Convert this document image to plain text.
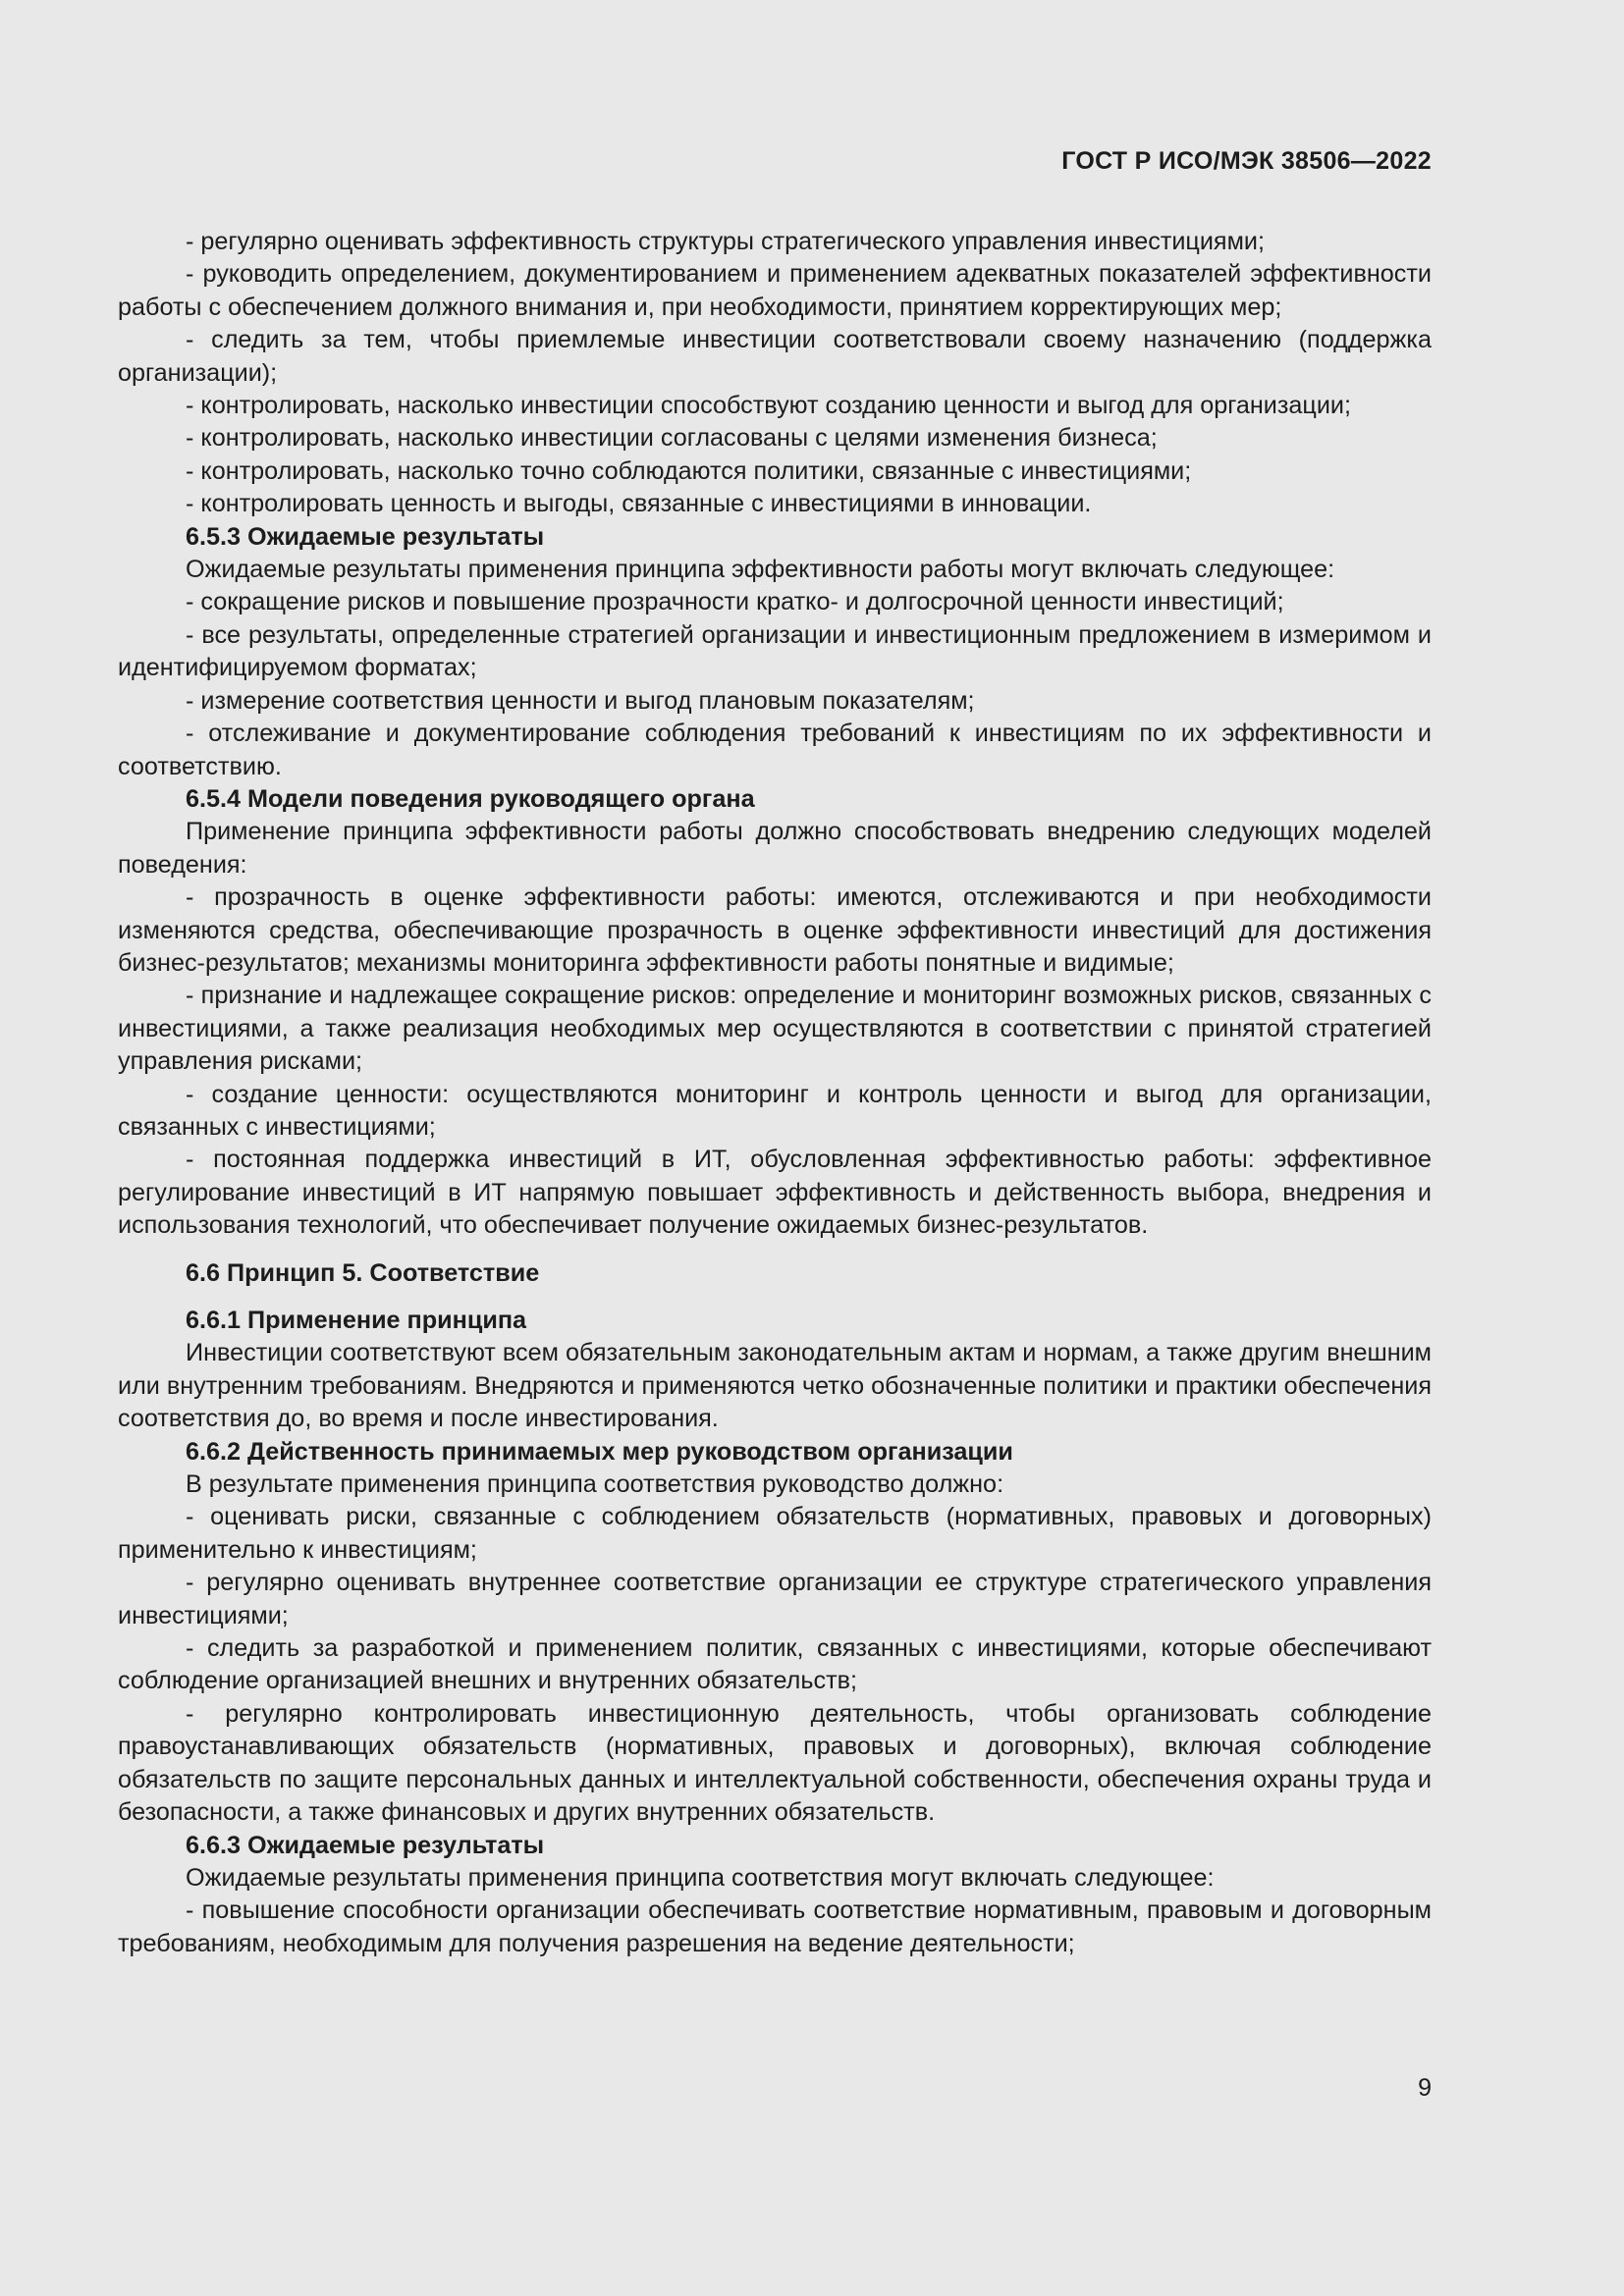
ГОСТ Р ИСО/МЭК 38506—2022

- регулярно оценивать эффективность структуры стратегического управления инвестициями;

- руководить определением, документированием и применением адекватных показателей эффективности работы с обеспечением должного внимания и, при необходимости, принятием корректирующих мер;

- следить за тем, чтобы приемлемые инвестиции соответствовали своему назначению (поддержка организации);

- контролировать, насколько инвестиции способствуют созданию ценности и выгод для организации;

- контролировать, насколько инвестиции согласованы с целями изменения бизнеса;

- контролировать, насколько точно соблюдаются политики, связанные с инвестициями;

- контролировать ценность и выгоды, связанные с инвестициями в инновации.

6.5.3 Ожидаемые результаты

Ожидаемые результаты применения принципа эффективности работы могут включать следующее:

- сокращение рисков и повышение прозрачности кратко- и долгосрочной ценности инвестиций;

- все результаты, определенные стратегией организации и инвестиционным предложением в измеримом и идентифицируемом форматах;

- измерение соответствия ценности и выгод плановым показателям;

- отслеживание и документирование соблюдения требований к инвестициям по их эффективности и соответствию.

6.5.4 Модели поведения руководящего органа

Применение принципа эффективности работы должно способствовать внедрению следующих моделей поведения:

- прозрачность в оценке эффективности работы: имеются, отслеживаются и при необходимости изменяются средства, обеспечивающие прозрачность в оценке эффективности инвестиций для достижения бизнес-результатов; механизмы мониторинга эффективности работы понятные и видимые;

- признание и надлежащее сокращение рисков: определение и мониторинг возможных рисков, связанных с инвестициями, а также реализация необходимых мер осуществляются в соответствии с принятой стратегией управления рисками;

- создание ценности: осуществляются мониторинг и контроль ценности и выгод для организации, связанных с инвестициями;

- постоянная поддержка инвестиций в ИТ, обусловленная эффективностью работы: эффективное регулирование инвестиций в ИТ напрямую повышает эффективность и действенность выбора, внедрения и использования технологий, что обеспечивает получение ожидаемых бизнес-результатов.

6.6 Принцип 5. Соответствие

6.6.1 Применение принципа

Инвестиции соответствуют всем обязательным законодательным актам и нормам, а также другим внешним или внутренним требованиям. Внедряются и применяются четко обозначенные политики и практики обеспечения соответствия до, во время и после инвестирования.

6.6.2 Действенность принимаемых мер руководством организации

В результате применения принципа соответствия руководство должно:

- оценивать риски, связанные с соблюдением обязательств (нормативных, правовых и договорных) применительно к инвестициям;

- регулярно оценивать внутреннее соответствие организации ее структуре стратегического управления инвестициями;

- следить за разработкой и применением политик, связанных с инвестициями, которые обеспечивают соблюдение организацией внешних и внутренних обязательств;

- регулярно контролировать инвестиционную деятельность, чтобы организовать соблюдение правоустанавливающих обязательств (нормативных, правовых и договорных), включая соблюдение обязательств по защите персональных данных и интеллектуальной собственности, обеспечения охраны труда и безопасности, а также финансовых и других внутренних обязательств.

6.6.3 Ожидаемые результаты

Ожидаемые результаты применения принципа соответствия могут включать следующее:

- повышение способности организации обеспечивать соответствие нормативным, правовым и договорным требованиям, необходимым для получения разрешения на ведение деятельности;

9
